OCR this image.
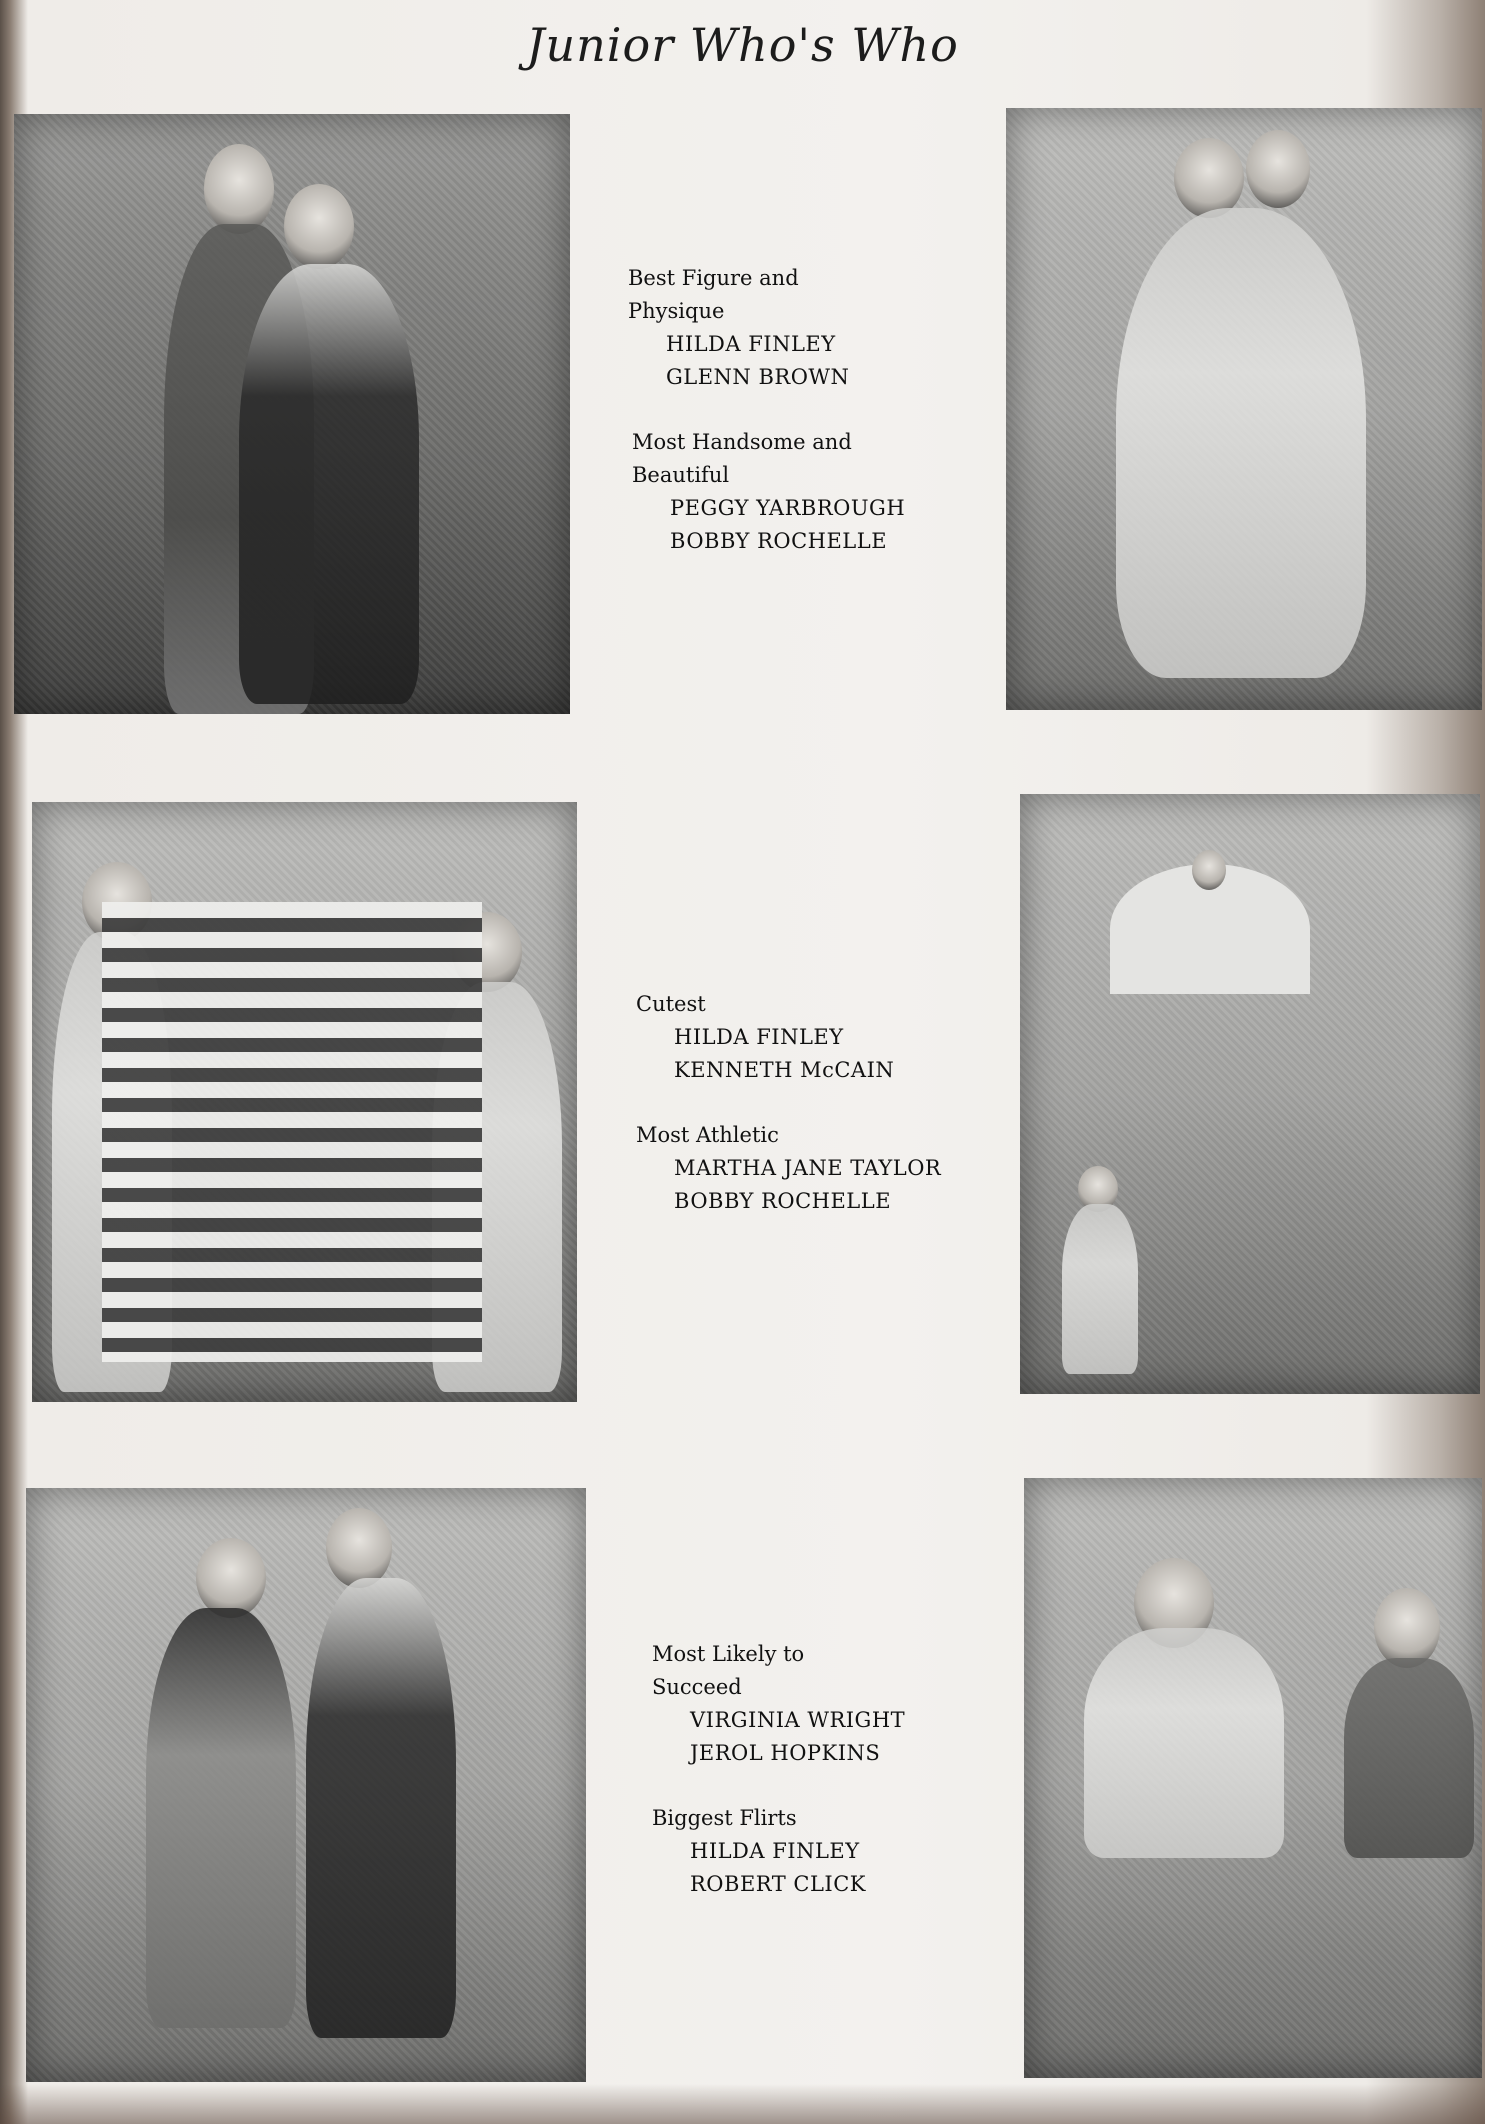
Junior Who's Who
Best Figure and
Physique
HILDA FINLEY
GLENN BROWN
Most Handsome and
Beautiful
PEGGY YARBROUGH
BOBBY ROCHELLE
Cutest
HILDA FINLEY
KENNETH McCAIN
Most Athletic
MARTHA JANE TAYLOR
BOBBY ROCHELLE
Most Likely to
Succeed
VIRGINIA WRIGHT
JEROL HOPKINS
Biggest Flirts
HILDA FINLEY
ROBERT CLICK
